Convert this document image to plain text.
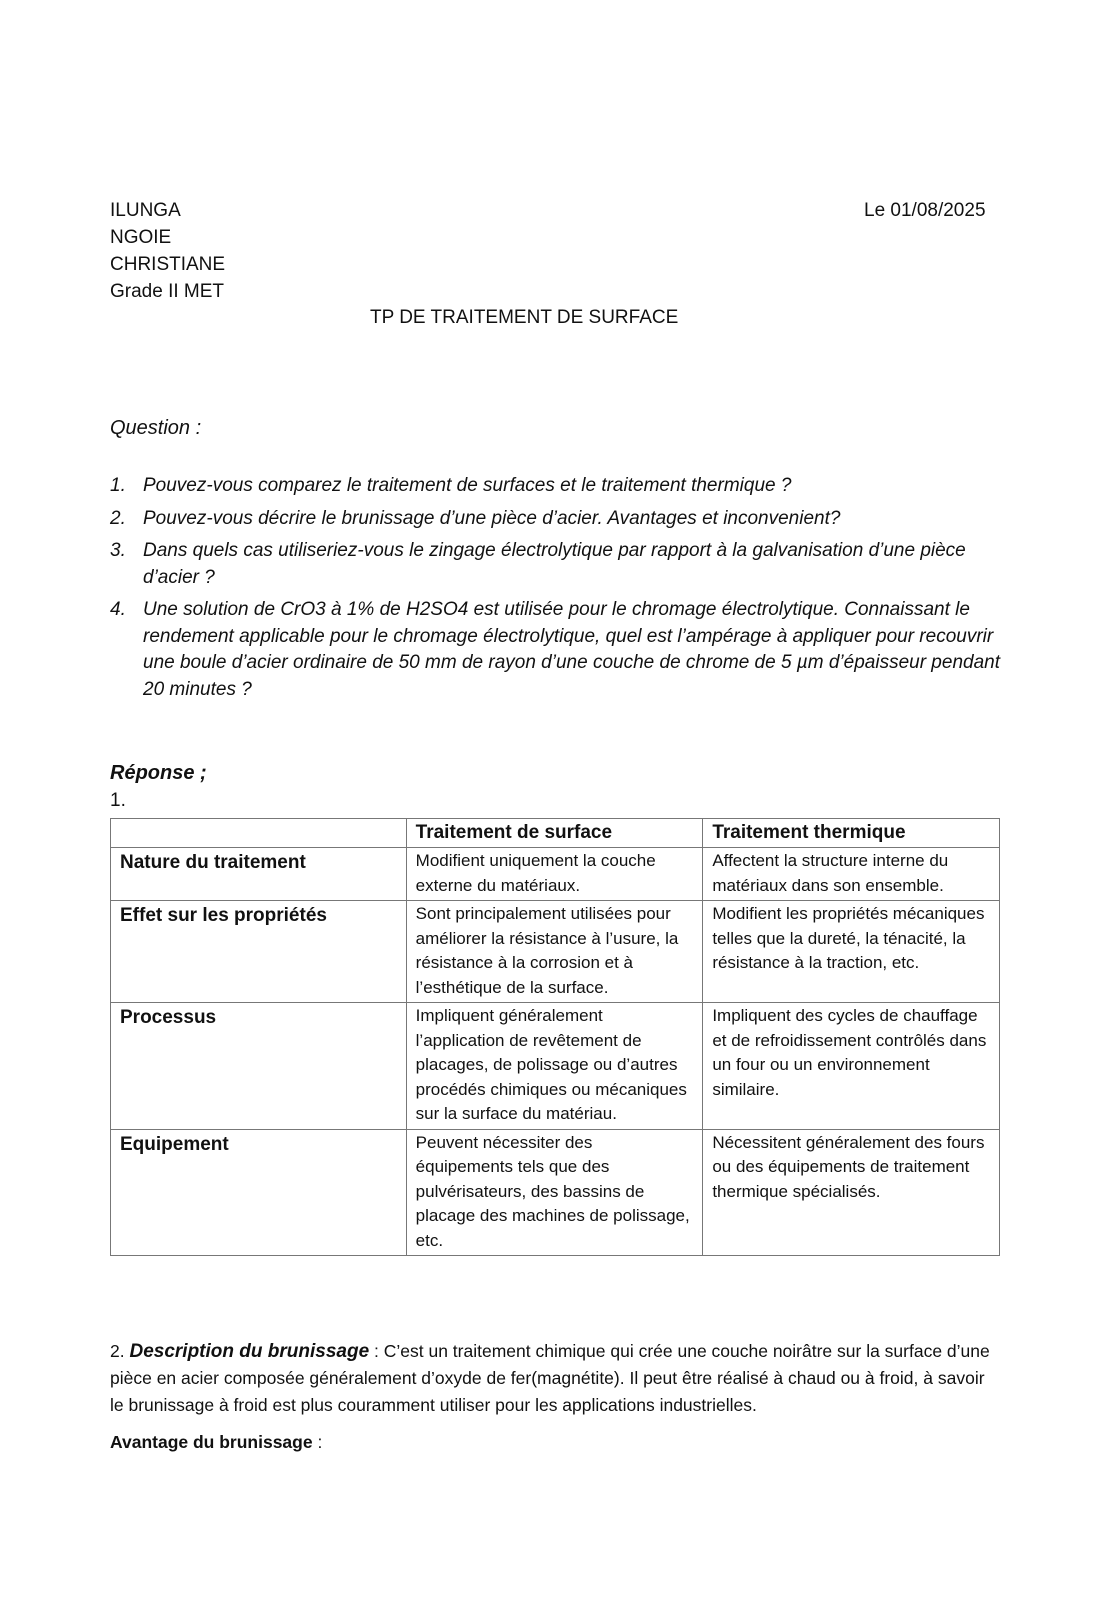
ILUNGA
NGOIE
CHRISTIANE
Grade II MET
Le 01/08/2025
TP DE TRAITEMENT DE SURFACE
Question :
1. Pouvez-vous comparez le traitement de surfaces et le traitement thermique ?
2. Pouvez-vous décrire le brunissage d’une pièce d’acier. Avantages et inconvenient?
3. Dans quels cas utiliseriez-vous le zingage électrolytique par rapport à la galvanisation d’une pièce d’acier ?
4. Une solution de CrO3 à 1% de H2SO4 est utilisée pour le chromage électrolytique. Connaissant le rendement applicable pour le chromage électrolytique, quel est l’ampérage à appliquer pour recouvrir une boule d’acier ordinaire de 50 mm de rayon d’une couche de chrome de 5 µm d’épaisseur pendant 20 minutes ?
Réponse ;
1.
	Traitement de surface	Traitement thermique
Nature du traitement	Modifient uniquement la couche externe du matériaux.	Affectent la structure interne du matériaux dans son ensemble.
Effet sur les propriétés	Sont principalement utilisées pour améliorer la résistance à l’usure, la résistance à la corrosion et à l’esthétique de la surface.	Modifient les propriétés mécaniques telles que la dureté, la ténacité, la résistance à la traction, etc.
Processus	Impliquent généralement l’application de revêtement de placages, de polissage ou d’autres procédés chimiques ou mécaniques sur la surface du matériau.	Impliquent des cycles de chauffage et de refroidissement contrôlés dans un four ou un environnement similaire.
Equipement	Peuvent nécessiter des équipements tels que des pulvérisateurs, des bassins de placage des machines de polissage, etc.	Nécessitent généralement des fours ou des équipements de traitement thermique spécialisés.
2. Description du brunissage : C’est un traitement chimique qui crée une couche noirâtre sur la surface d’une pièce en acier composée généralement d’oxyde de fer(magnétite). Il peut être réalisé à chaud ou à froid, à savoir le brunissage à froid est plus couramment utiliser pour les applications industrielles.
Avantage du brunissage :
